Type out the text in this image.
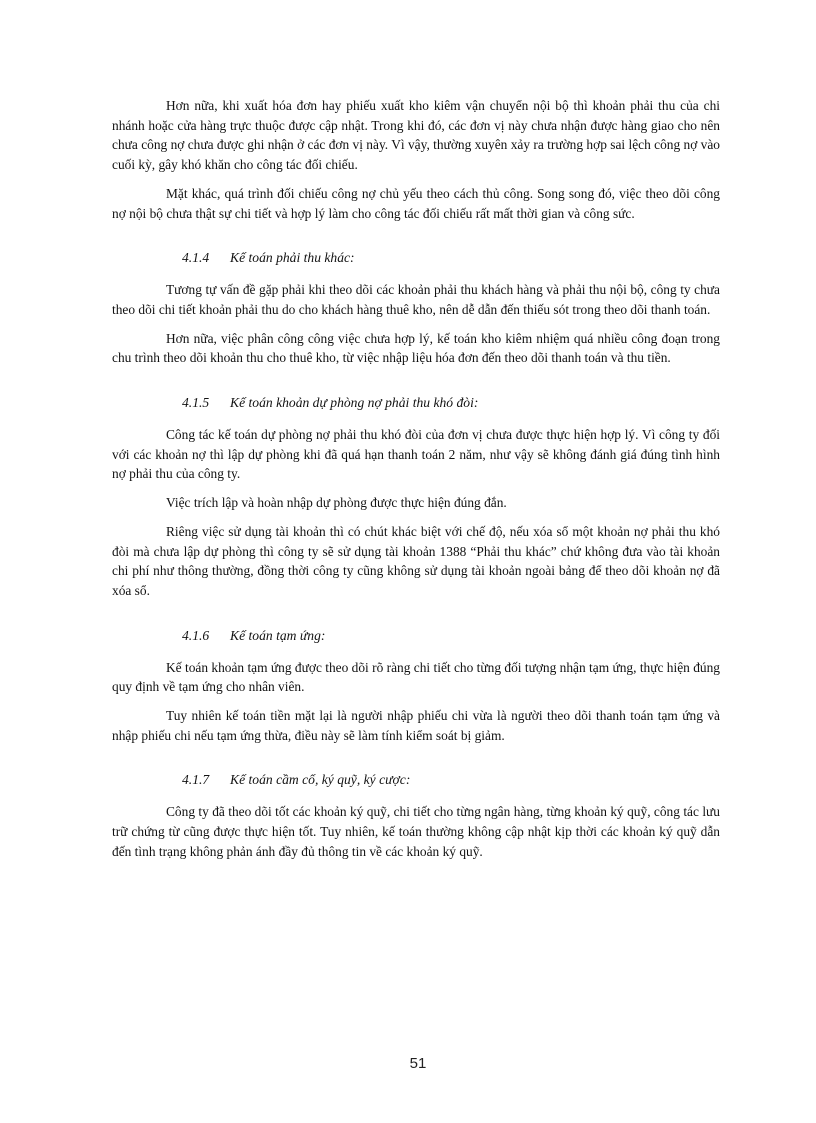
Hơn nữa, khi xuất hóa đơn hay phiếu xuất kho kiêm vận chuyển nội bộ thì khoản phải thu của chi nhánh hoặc cửa hàng trực thuộc được cập nhật. Trong khi đó, các đơn vị này chưa nhận được hàng giao cho nên chưa công nợ chưa được ghi nhận ở các đơn vị này. Vì vậy, thường xuyên xảy ra trường hợp sai lệch công nợ vào cuối kỳ, gây khó khăn cho công tác đối chiếu.

Mặt khác, quá trình đối chiếu công nợ chủ yếu theo cách thủ công. Song song đó, việc theo dõi công nợ nội bộ chưa thật sự chi tiết và hợp lý làm cho công tác đối chiếu rất mất thời gian và công sức.

4.1.4 Kế toán phải thu khác:

Tương tự vấn đề gặp phải khi theo dõi các khoản phải thu khách hàng và phải thu nội bộ, công ty chưa theo dõi chi tiết khoản phải thu do cho khách hàng thuê kho, nên dễ dẫn đến thiếu sót trong theo dõi thanh toán.

Hơn nữa, việc phân công công việc chưa hợp lý, kế toán kho kiêm nhiệm quá nhiều công đoạn trong chu trình theo dõi khoản thu cho thuê kho, từ việc nhập liệu hóa đơn đến theo dõi thanh toán và thu tiền.

4.1.5 Kế toán khoản dự phòng nợ phải thu khó đòi:

Công tác kế toán dự phòng nợ phải thu khó đòi của đơn vị chưa được thực hiện hợp lý. Vì công ty đối với các khoản nợ thì lập dự phòng khi đã quá hạn thanh toán 2 năm, như vậy sẽ không đánh giá đúng tình hình nợ phải thu của công ty.

Việc trích lập và hoàn nhập dự phòng được thực hiện đúng đắn.

Riêng việc sử dụng tài khoản thì có chút khác biệt với chế độ, nếu xóa sổ một khoản nợ phải thu khó đòi mà chưa lập dự phòng thì công ty sẽ sử dụng tài khoản 1388 “Phải thu khác” chứ không đưa vào tài khoản chi phí như thông thường, đồng thời công ty cũng không sử dụng tài khoản ngoài bảng để theo dõi khoản nợ đã xóa sổ.

4.1.6 Kế toán tạm ứng:

Kế toán khoản tạm ứng được theo dõi rõ ràng chi tiết cho từng đối tượng nhận tạm ứng, thực hiện đúng quy định về tạm ứng cho nhân viên.

Tuy nhiên kế toán tiền mặt lại là người nhập phiếu chi vừa là người theo dõi thanh toán tạm ứng và nhập phiếu chi nếu tạm ứng thừa, điều này sẽ làm tính kiểm soát bị giảm.

4.1.7 Kế toán cầm cố, ký quỹ, ký cược:

Công ty đã theo dõi tốt các khoản ký quỹ, chi tiết cho từng ngân hàng, từng khoản ký quỹ, công tác lưu trữ chứng từ cũng được thực hiện tốt. Tuy nhiên, kế toán thường không cập nhật kịp thời các khoản ký quỹ dẫn đến tình trạng không phản ánh đầy đủ thông tin về các khoản ký quỹ.

51
